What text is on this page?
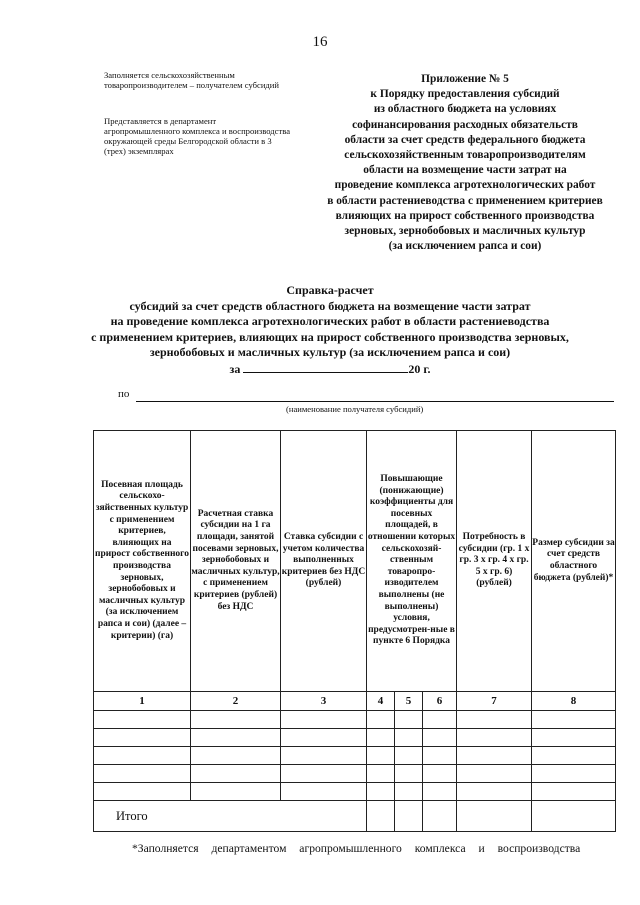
16
Заполняется сельскохозяйственным товаропроизводителем – получателем субсидий
Представляется в департамент агропромышленного комплекса и воспроизводства окружающей среды Белгородской области в 3 (трех) экземплярах
Приложение № 5
к Порядку предоставления субсидий
из областного бюджета на условиях
софинансирования расходных обязательств
области за счет средств федерального бюджета
сельскохозяйственным товаропроизводителям
области на возмещение части затрат на
проведение комплекса агротехнологических работ
в области растениеводства с применением критериев
влияющих на прирост собственного производства
зерновых, зернобобовых и масличных культур
(за исключением рапса и сои)
Справка-расчет
субсидий за счет средств областного бюджета на возмещение части затрат
на проведение комплекса агротехнологических работ в области растениеводства
с применением критериев, влияющих на прирост собственного производства зерновых,
зернобобовых и масличных культур (за исключением рапса и сои)
за	20 г.
по
(наименование получателя субсидий)
Посевная площадь сельскохо-зяйственных культур с применением критериев, влияющих на прирост собственного производства зерновых, зернобобовых и масличных культур (за исключением рапса и сои) (далее – критерии) (га)	Расчетная ставка субсидии на 1 га площади, занятой посевами зерновых, зернобобовых и масличных культур, с применением критериев (рублей) без НДС	Ставка субсидии с учетом количества выполненных критериев без НДС (рублей)	Повышающие (понижающие) коэффициенты для посевных площадей, в отношении которых сельскохозяй-ственным товаропро-изводителем выполнены (не выполнены) условия, предусмотрен-ные в пункте 6 Порядка			Потребность в субсидии (гр. 1 х гр. 3 х гр. 4 х гр. 5 х гр. 6) (рублей)	Размер субсидии за счет средств областного бюджета (рублей)*
1	2	3	4	5	6	7	8

Итого							
*Заполняется департаментом агропромышленного комплекса и воспроизводства
